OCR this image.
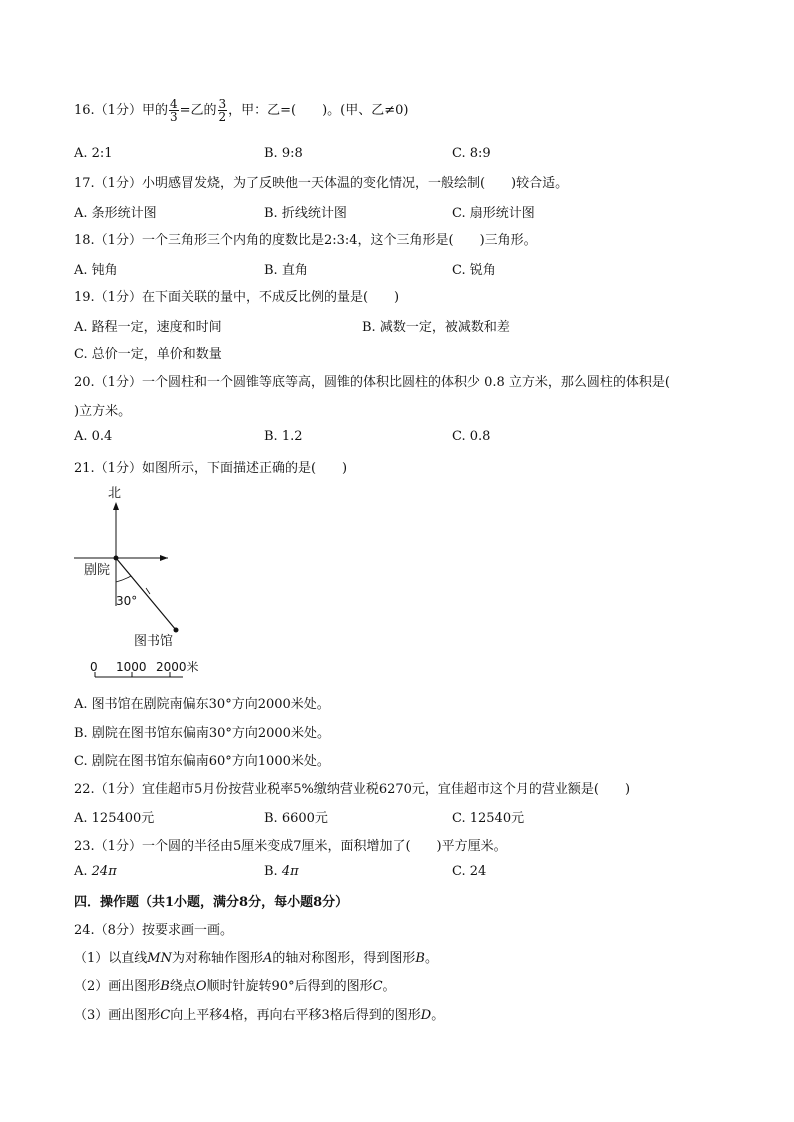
16.（1分）甲的 $\frac{4}{3}$ =乙的 $\frac{3}{2}$ ，甲：乙=(　　)。(甲、乙≠0)
A. 2:1	B. 9:8	C. 8:9
17.（1分）小明感冒发烧，为了反映他一天体温的变化情况，一般绘制(　　)较合适。
A. 条形统计图	B. 折线统计图	C. 扇形统计图
18.（1分）一个三角形三个内角的度数比是2:3:4，这个三角形是(　　)三角形。
A. 钝角	B. 直角	C. 锐角
19.（1分）在下面关联的量中，不成反比例的量是(　　)
A. 路程一定，速度和时间	B. 减数一定，被减数和差
C. 总价一定，单价和数量
20.（1分）一个圆柱和一个圆锥等底等高，圆锥的体积比圆柱的体积少 0.8 立方米，那么圆柱的体积是(
)立方米。
A. 0.4	B. 1.2	C. 0.8
21.（1分）如图所示，下面描述正确的是(　　)
北
剧院
30°
图书馆
0 1000 2000米
A. 图书馆在剧院南偏东30°方向2000米处。
B. 剧院在图书馆东偏南30°方向2000米处。
C. 剧院在图书馆东偏南60°方向1000米处。
22.（1分）宜佳超市5月份按营业税率5%缴纳营业税6270元，宜佳超市这个月的营业额是(　　)
A. 125400元	B. 6600元	C. 12540元
23.（1分）一个圆的半径由5厘米变成7厘米，面积增加了(　　)平方厘米。
A. 24π	B. 4π	C. 24
四．操作题（共1小题，满分8分，每小题8分）
24.（8分）按要求画一画。
（1）以直线MN为对称轴作图形A的轴对称图形，得到图形B。
（2）画出图形B绕点O顺时针旋转90°后得到的图形C。
（3）画出图形C向上平移4格，再向右平移3格后得到的图形D。
